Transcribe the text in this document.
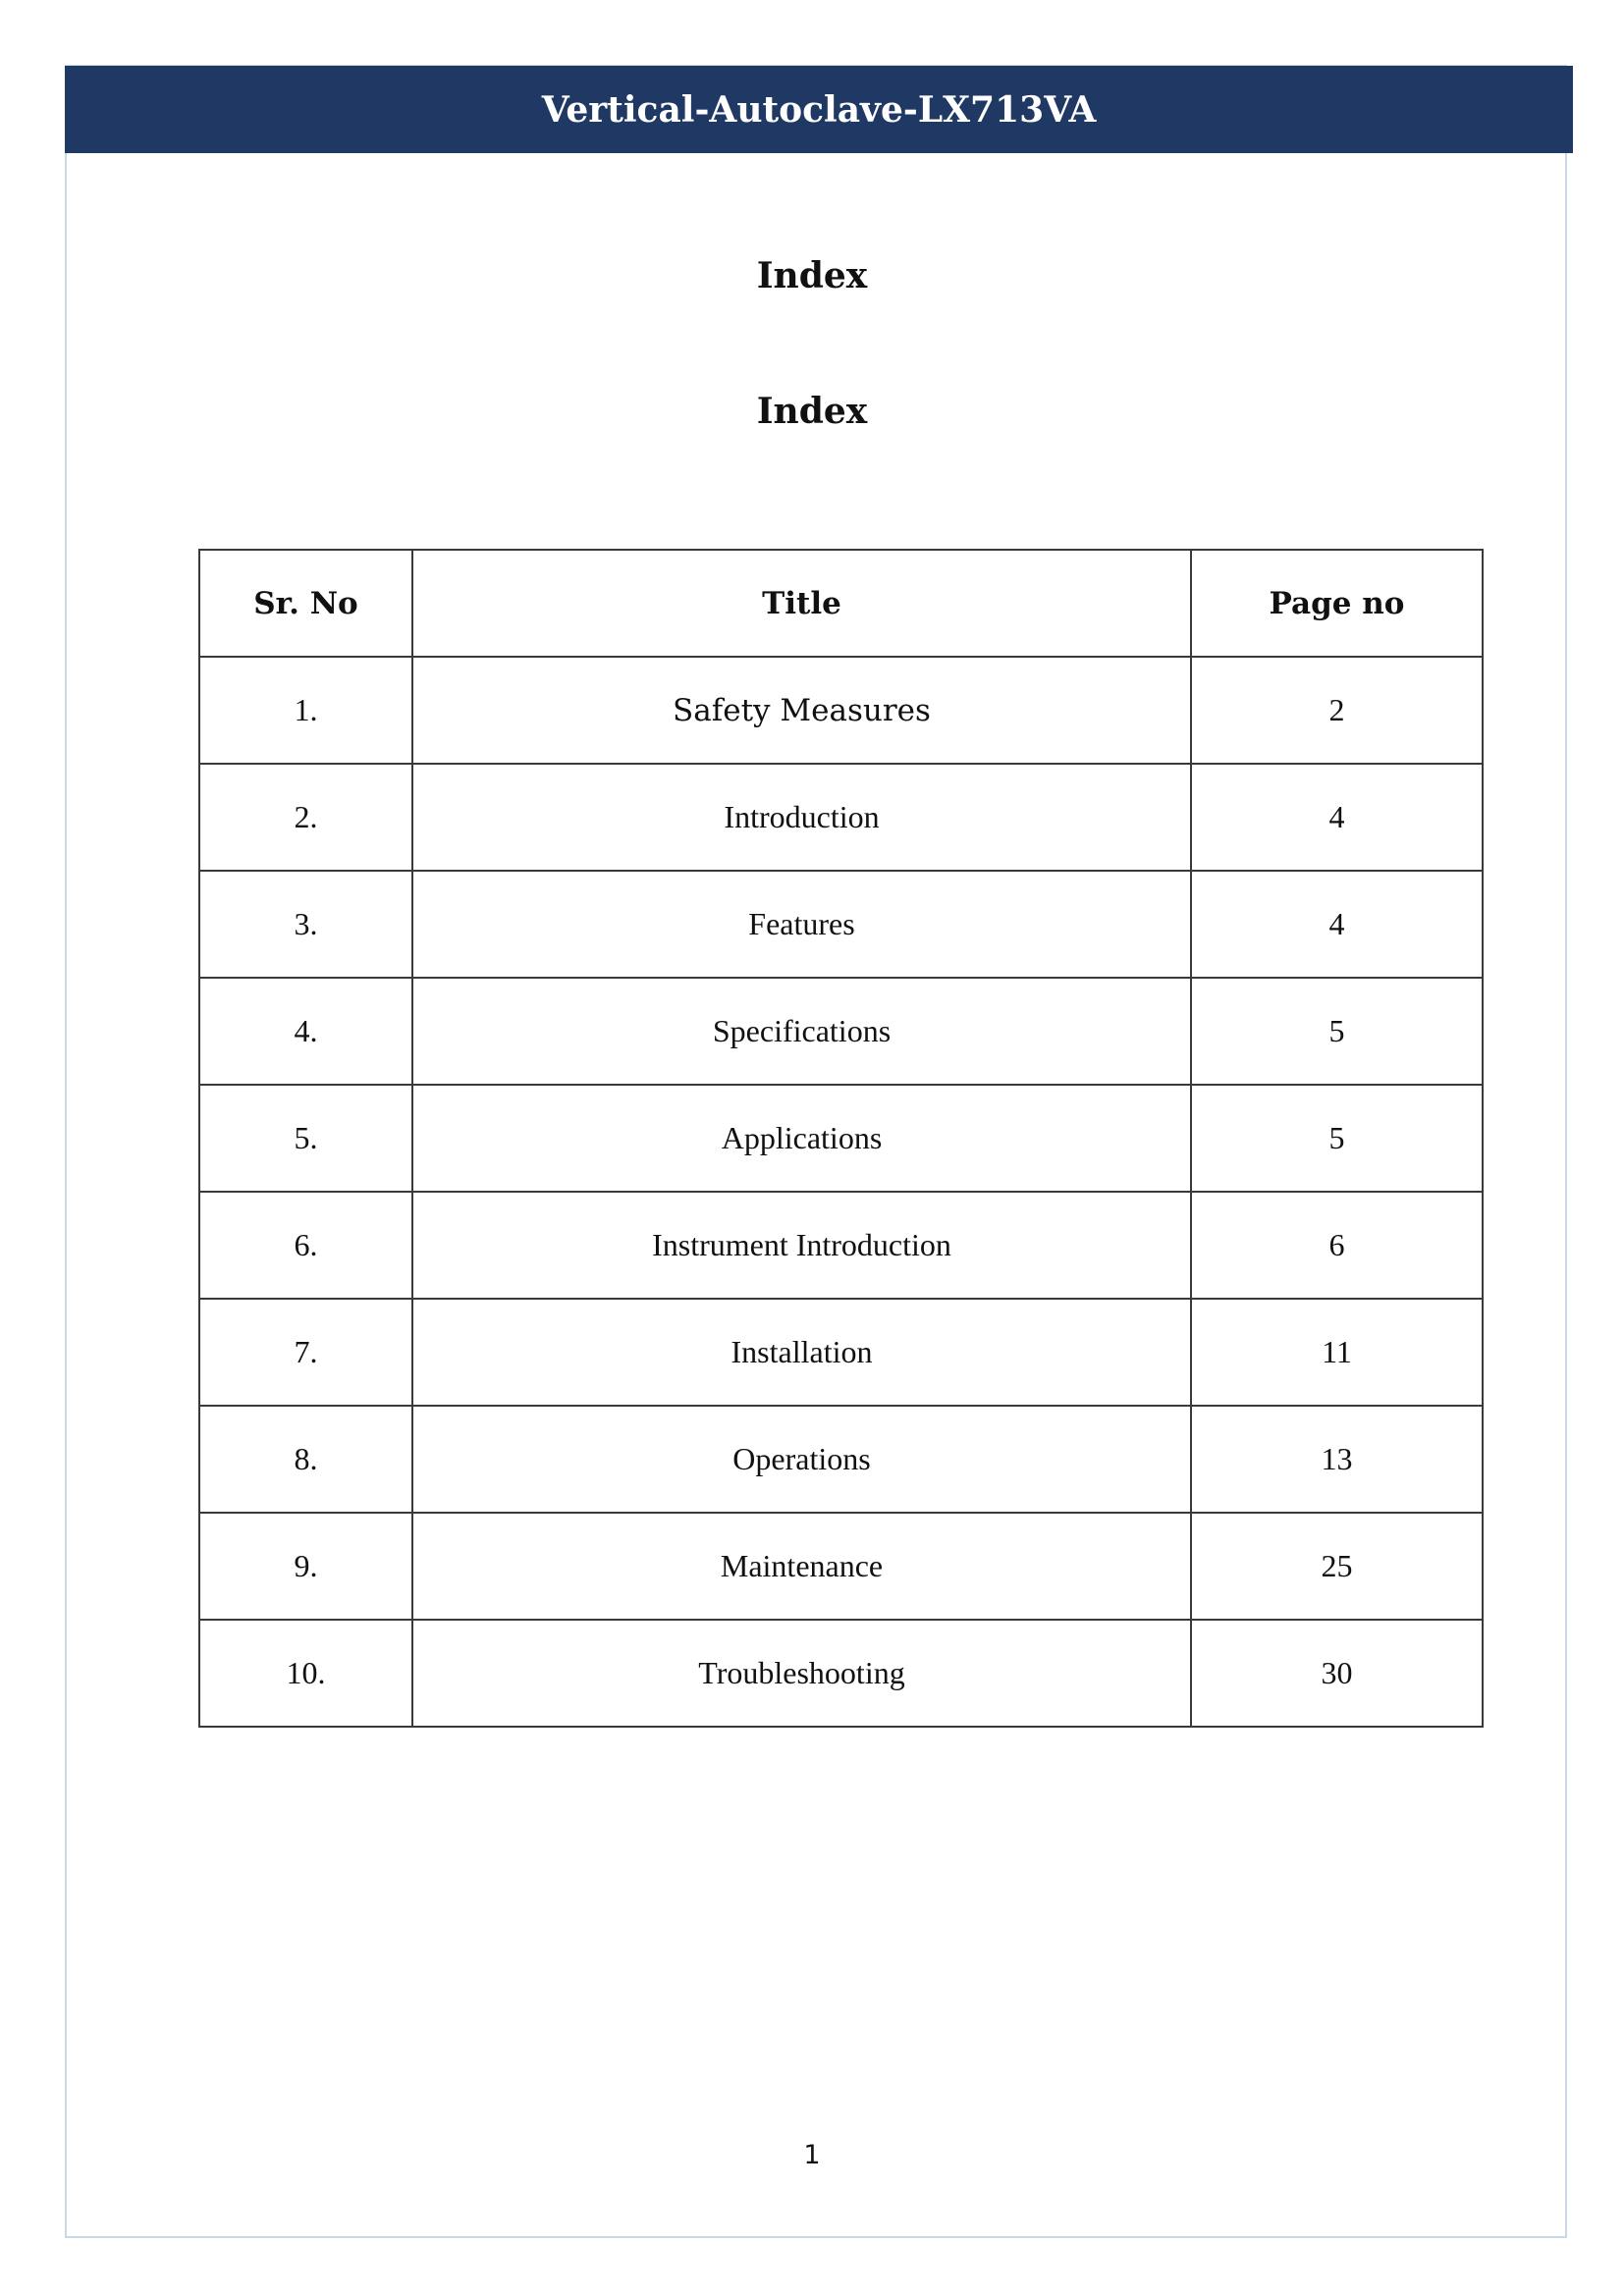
Vertical-Autoclave-LX713VA
Index
Index
Sr. No	Title	Page no
1.	Safety Measures	2
2.	Introduction	4
3.	Features	4
4.	Specifications	5
5.	Applications	5
6.	Instrument Introduction	6
7.	Installation	11
8.	Operations	13
9.	Maintenance	25
10.	Troubleshooting	30
1
